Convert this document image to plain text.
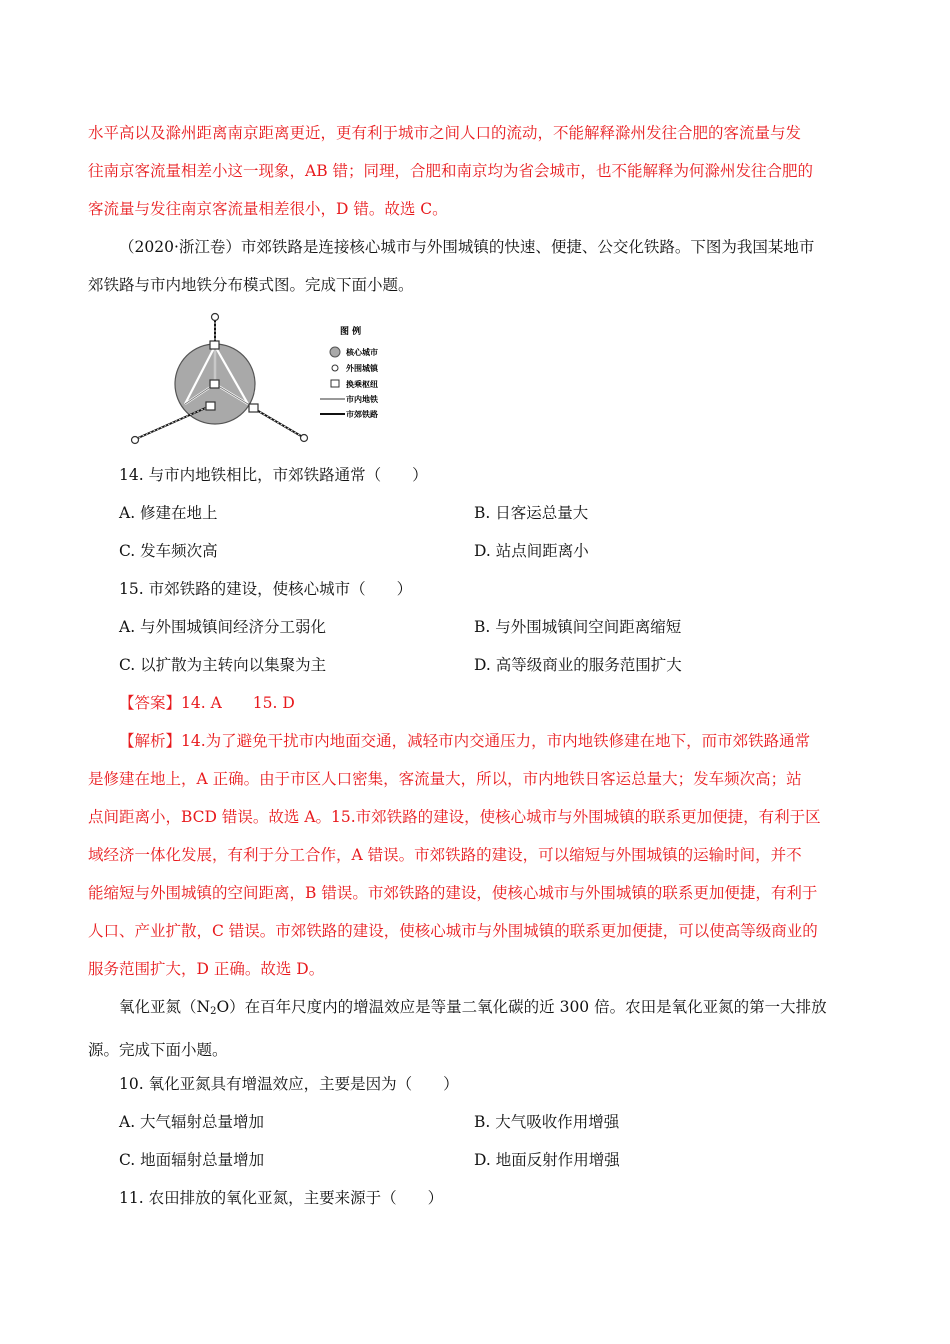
水平高以及滁州距离南京距离更近，更有利于城市之间人口的流动，不能解释滁州发往合肥的客流量与发
往南京客流量相差小这一现象，AB 错；同理，合肥和南京均为省会城市，也不能解释为何滁州发往合肥的
客流量与发往南京客流量相差很小，D 错。故选 C。
（2020·浙江卷）市郊铁路是连接核心城市与外围城镇的快速、便捷、公交化铁路。下图为我国某地市
郊铁路与市内地铁分布模式图。完成下面小题。
图 例
核心城市
外围城镇
换乘枢纽
市内地铁
市郊铁路
14. 与市内地铁相比，市郊铁路通常（　　）
A. 修建在地上	B. 日客运总量大
C. 发车频次高	D. 站点间距离小
15. 市郊铁路的建设，使核心城市（　　）
A. 与外围城镇间经济分工弱化	B. 与外围城镇间空间距离缩短
C. 以扩散为主转向以集聚为主	D. 高等级商业的服务范围扩大
【答案】14. A　　15. D
【解析】14.为了避免干扰市内地面交通，减轻市内交通压力，市内地铁修建在地下，而市郊铁路通常
是修建在地上，A 正确。由于市区人口密集，客流量大，所以，市内地铁日客运总量大；发车频次高；站
点间距离小，BCD 错误。故选 A。15.市郊铁路的建设，使核心城市与外围城镇的联系更加便捷，有利于区
域经济一体化发展，有利于分工合作，A 错误。市郊铁路的建设，可以缩短与外围城镇的运输时间，并不
能缩短与外围城镇的空间距离，B 错误。市郊铁路的建设，使核心城市与外围城镇的联系更加便捷，有利于
人口、产业扩散，C 错误。市郊铁路的建设，使核心城市与外围城镇的联系更加便捷，可以使高等级商业的
服务范围扩大，D 正确。故选 D。
氧化亚氮$(N_2O)$在百年尺度内的增温效应是等量二氧化碳的近 300 倍。农田是氧化亚氮的第一大排放
源。完成下面小题。
10. 氧化亚氮具有增温效应，主要是因为（　　）
A. 大气辐射总量增加	B. 大气吸收作用增强
C. 地面辐射总量增加	D. 地面反射作用增强
11. 农田排放的氧化亚氮，主要来源于（　　）
